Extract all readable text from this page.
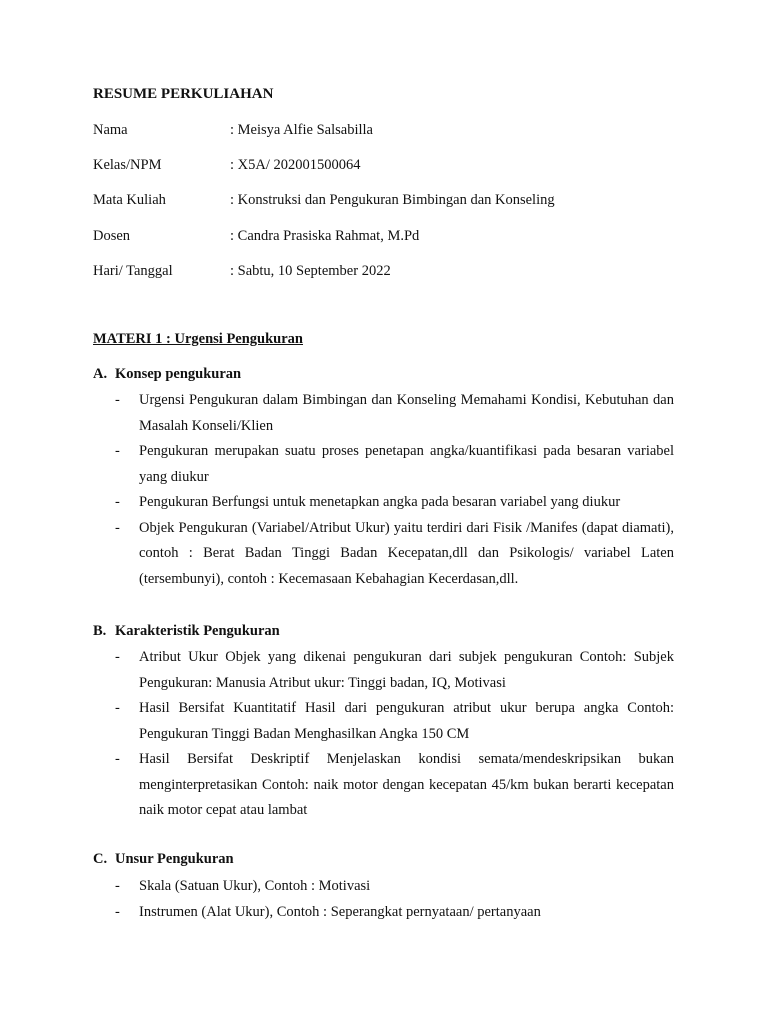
RESUME PERKULIAHAN
Nama	: Meisya Alfie Salsabilla
Kelas/NPM	: X5A/ 202001500064
Mata Kuliah	: Konstruksi dan Pengukuran Bimbingan dan Konseling
Dosen	: Candra Prasiska Rahmat, M.Pd
Hari/ Tanggal	: Sabtu, 10 September 2022
MATERI 1 : Urgensi Pengukuran
A. Konsep pengukuran
- Urgensi Pengukuran dalam Bimbingan dan Konseling Memahami Kondisi, Kebutuhan dan Masalah Konseli/Klien
- Pengukuran merupakan suatu proses penetapan angka/kuantifikasi pada besaran variabel yang diukur
- Pengukuran Berfungsi untuk menetapkan angka pada besaran variabel yang diukur
- Objek Pengukuran (Variabel/Atribut Ukur) yaitu terdiri dari Fisik /Manifes (dapat diamati), contoh : Berat Badan Tinggi Badan Kecepatan,dll dan Psikologis/ variabel Laten (tersembunyi), contoh : Kecemasaan Kebahagian Kecerdasan,dll.
B. Karakteristik Pengukuran
- Atribut Ukur Objek yang dikenai pengukuran dari subjek pengukuran Contoh: Subjek Pengukuran: Manusia Atribut ukur: Tinggi badan, IQ, Motivasi
- Hasil Bersifat Kuantitatif Hasil dari pengukuran atribut ukur berupa angka Contoh: Pengukuran Tinggi Badan Menghasilkan Angka 150 CM
- Hasil Bersifat Deskriptif Menjelaskan kondisi semata/mendeskripsikan bukan menginterpretasikan Contoh: naik motor dengan kecepatan 45/km bukan berarti kecepatan naik motor cepat atau lambat
C. Unsur Pengukuran
- Skala (Satuan Ukur), Contoh : Motivasi
- Instrumen (Alat Ukur), Contoh : Seperangkat pernyataan/ pertanyaan
